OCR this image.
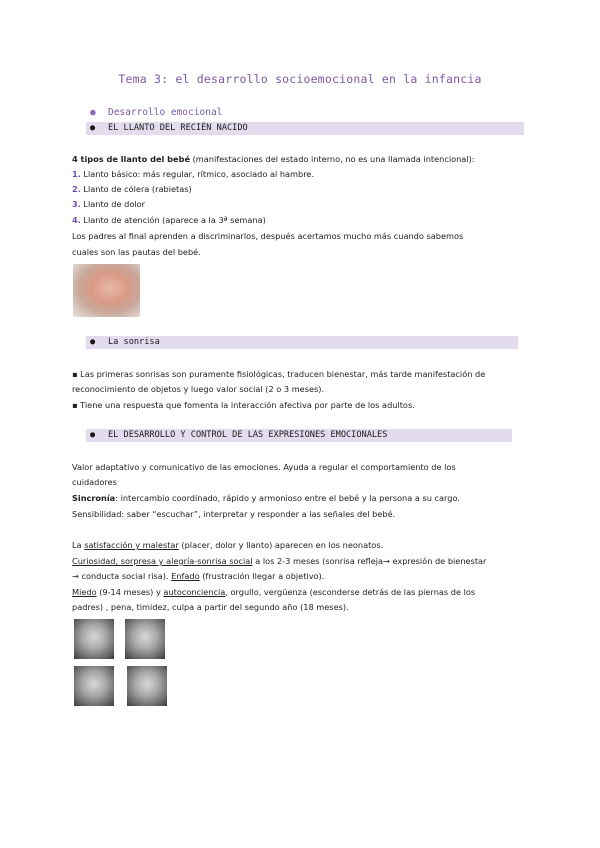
Tema 3: el desarrollo socioemocional en la infancia
● Desarrollo emocional
● EL LLANTO DEL RECIÉN NACIDO
4 tipos de llanto del bebé (manifestaciones del estado interno, no es una llamada intencional):
1. Llanto básico: más regular, rítmico, asociado al hambre.
2. Llanto de cólera (rabietas)
3. Llanto de dolor
4. Llanto de atención (aparece a la 3ª semana)
Los padres al final aprenden a discriminarlos, después acertamos mucho más cuando sabemos
cuales son las pautas del bebé.
● La sonrisa
▪ Las primeras sonrisas son puramente fisiológicas, traducen bienestar, más tarde manifestación de
reconocimiento de objetos y luego valor social (2 o 3 meses).
▪ Tiene una respuesta que fomenta la interacción afectiva por parte de los adultos.
● EL DESARROLLO Y CONTROL DE LAS EXPRESIONES EMOCIONALES
Valor adaptativo y comunicativo de las emociones. Ayuda a regular el comportamiento de los
cuidadores
Sincronía: intercambio coordinado, rápido y armonioso entre el bebé y la persona a su cargo.
Sensibilidad: saber “escuchar”, interpretar y responder a las señales del bebé.
La satisfacción y malestar (placer, dolor y llanto) aparecen en los neonatos.
Curiosidad, sorpresa y alegría-sonrisa social a los 2-3 meses (sonrisa refleja→ expresión de bienestar
→ conducta social risa). Enfado (frustración llegar a objetivo).
Miedo (9-14 meses) y autoconciencia, orgullo, vergüenza (esconderse detrás de las piernas de los
padres) , pena, timidez, culpa a partir del segundo año (18 meses).
